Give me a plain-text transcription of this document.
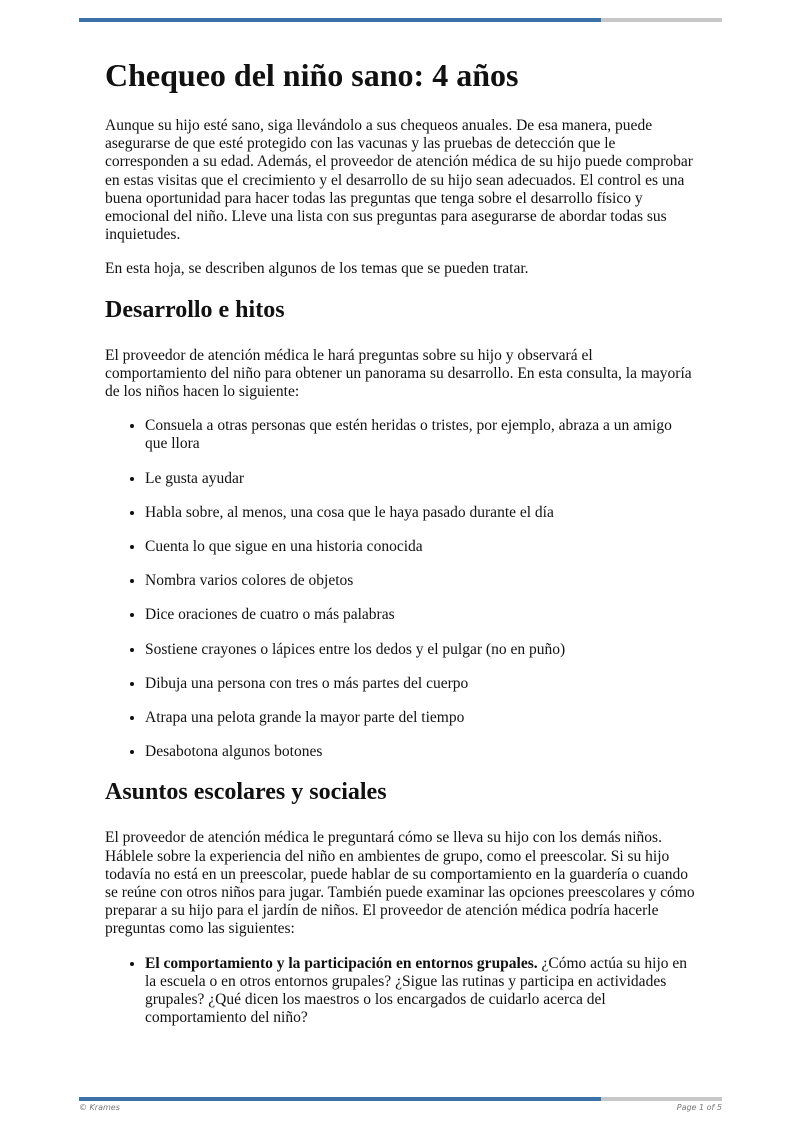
Chequeo del niño sano: 4 años

Aunque su hijo esté sano, siga llevándolo a sus chequeos anuales. De esa manera, puede asegurarse de que esté protegido con las vacunas y las pruebas de detección que le corresponden a su edad. Además, el proveedor de atención médica de su hijo puede comprobar en estas visitas que el crecimiento y el desarrollo de su hijo sean adecuados. El control es una buena oportunidad para hacer todas las preguntas que tenga sobre el desarrollo físico y emocional del niño. Lleve una lista con sus preguntas para asegurarse de abordar todas sus inquietudes.

En esta hoja, se describen algunos de los temas que se pueden tratar.

Desarrollo e hitos

El proveedor de atención médica le hará preguntas sobre su hijo y observará el comportamiento del niño para obtener un panorama su desarrollo. En esta consulta, la mayoría de los niños hacen lo siguiente:

• Consuela a otras personas que estén heridas o tristes, por ejemplo, abraza a un amigo que llora
• Le gusta ayudar
• Habla sobre, al menos, una cosa que le haya pasado durante el día
• Cuenta lo que sigue en una historia conocida
• Nombra varios colores de objetos
• Dice oraciones de cuatro o más palabras
• Sostiene crayones o lápices entre los dedos y el pulgar (no en puño)
• Dibuja una persona con tres o más partes del cuerpo
• Atrapa una pelota grande la mayor parte del tiempo
• Desabotona algunos botones
Asuntos escolares y sociales

El proveedor de atención médica le preguntará cómo se lleva su hijo con los demás niños. Háblele sobre la experiencia del niño en ambientes de grupo, como el preescolar. Si su hijo todavía no está en un preescolar, puede hablar de su comportamiento en la guardería o cuando se reúne con otros niños para jugar. También puede examinar las opciones preescolares y cómo preparar a su hijo para el jardín de niños. El proveedor de atención médica podría hacerle preguntas como las siguientes:

• El comportamiento y la participación en entornos grupales. ¿Cómo actúa su hijo en la escuela o en otros entornos grupales? ¿Sigue las rutinas y participa en actividades grupales? ¿Qué dicen los maestros o los encargados de cuidarlo acerca del comportamiento del niño?
© Krames	Page 1 of 5
